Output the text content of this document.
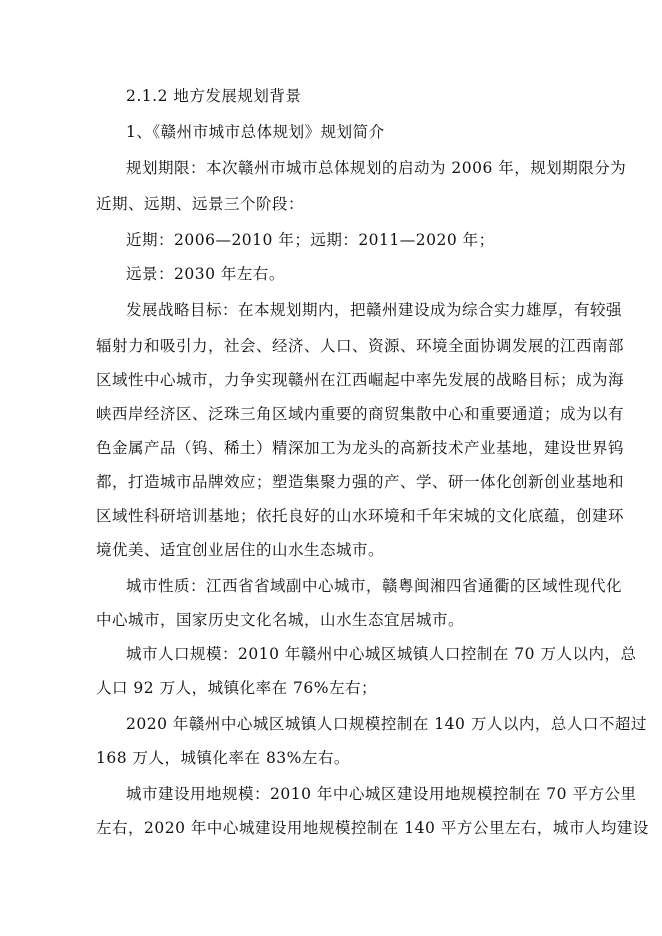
2.1.2 地方发展规划背景
1、《赣州市城市总体规划》规划简介
规划期限：本次赣州市城市总体规划的启动为 2006 年，规划期限分为
近期、远期、远景三个阶段：
近期：2006—2010 年；远期：2011—2020 年；
远景：2030 年左右。
发展战略目标：在本规划期内，把赣州建设成为综合实力雄厚，有较强
辐射力和吸引力，社会、经济、人口、资源、环境全面协调发展的江西南部
区域性中心城市，力争实现赣州在江西崛起中率先发展的战略目标；成为海
峡西岸经济区、泛珠三角区域内重要的商贸集散中心和重要通道；成为以有
色金属产品（钨、稀土）精深加工为龙头的高新技术产业基地，建设世界钨
都，打造城市品牌效应；塑造集聚力强的产、学、研一体化创新创业基地和
区域性科研培训基地；依托良好的山水环境和千年宋城的文化底蕴，创建环
境优美、适宜创业居住的山水生态城市。
城市性质：江西省省域副中心城市，赣粤闽湘四省通衢的区域性现代化
中心城市，国家历史文化名城，山水生态宜居城市。
城市人口规模：2010 年赣州中心城区城镇人口控制在 70 万人以内，总
人口 92 万人，城镇化率在 76%左右；
2020 年赣州中心城区城镇人口规模控制在 140 万人以内，总人口不超过
168 万人，城镇化率在 83%左右。
城市建设用地规模：2010 年中心城区建设用地规模控制在 70 平方公里
左右，2020 年中心城建设用地规模控制在 140 平方公里左右，城市人均建设
